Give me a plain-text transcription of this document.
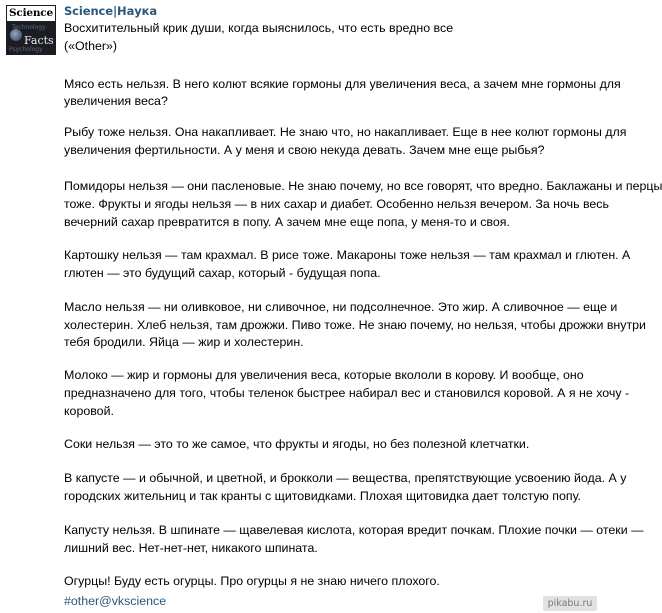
Science
Technology
Facts
Psychology
Science|Наука
Восхитительный крик души, когда выяснилось, что есть вредно все
(«Other»)
Мясо есть нельзя. В него колют всякие гормоны для увеличения веса, а зачем мне гормоны для
увеличения веса?
Рыбу тоже нельзя. Она накапливает. Не знаю что, но накапливает. Еще в нее колют гормоны для
увеличения фертильности. А у меня и свою некуда девать. Зачем мне еще рыбья?
Помидоры нельзя — они пасленовые. Не знаю почему, но все говорят, что вредно. Баклажаны и перцы
тоже. Фрукты и ягоды нельзя — в них сахар и диабет. Особенно нельзя вечером. За ночь весь
вечерний сахар превратится в попу. А зачем мне еще попа, у меня-то и своя.
Картошку нельзя — там крахмал. В рисе тоже. Макароны тоже нельзя — там крахмал и глютен. А
глютен — это будущий сахар, который - будущая попа.
Масло нельзя — ни оливковое, ни сливочное, ни подсолнечное. Это жир. А сливочное — еще и
холестерин. Хлеб нельзя, там дрожжи. Пиво тоже. Не знаю почему, но нельзя, чтобы дрожжи внутри
тебя бродили. Яйца — жир и холестерин.
Молоко — жир и гормоны для увеличения веса, которые вкололи в корову. И вообще, оно
предназначено для того, чтобы теленок быстрее набирал вес и становился коровой. А я не хочу -
коровой.
Соки нельзя — это то же самое, что фрукты и ягоды, но без полезной клетчатки.
В капусте — и обычной, и цветной, и брокколи — вещества, препятствующие усвоению йода. А у
городских жительниц и так кранты с щитовидками. Плохая щитовидка дает толстую попу.
Капусту нельзя. В шпинате — щавелевая кислота, которая вредит почкам. Плохие почки — отеки —
лишний вес. Нет-нет-нет, никакого шпината.
Огурцы! Буду есть огурцы. Про огурцы я не знаю ничего плохого.
#other@vkscience	pikabu.ru
